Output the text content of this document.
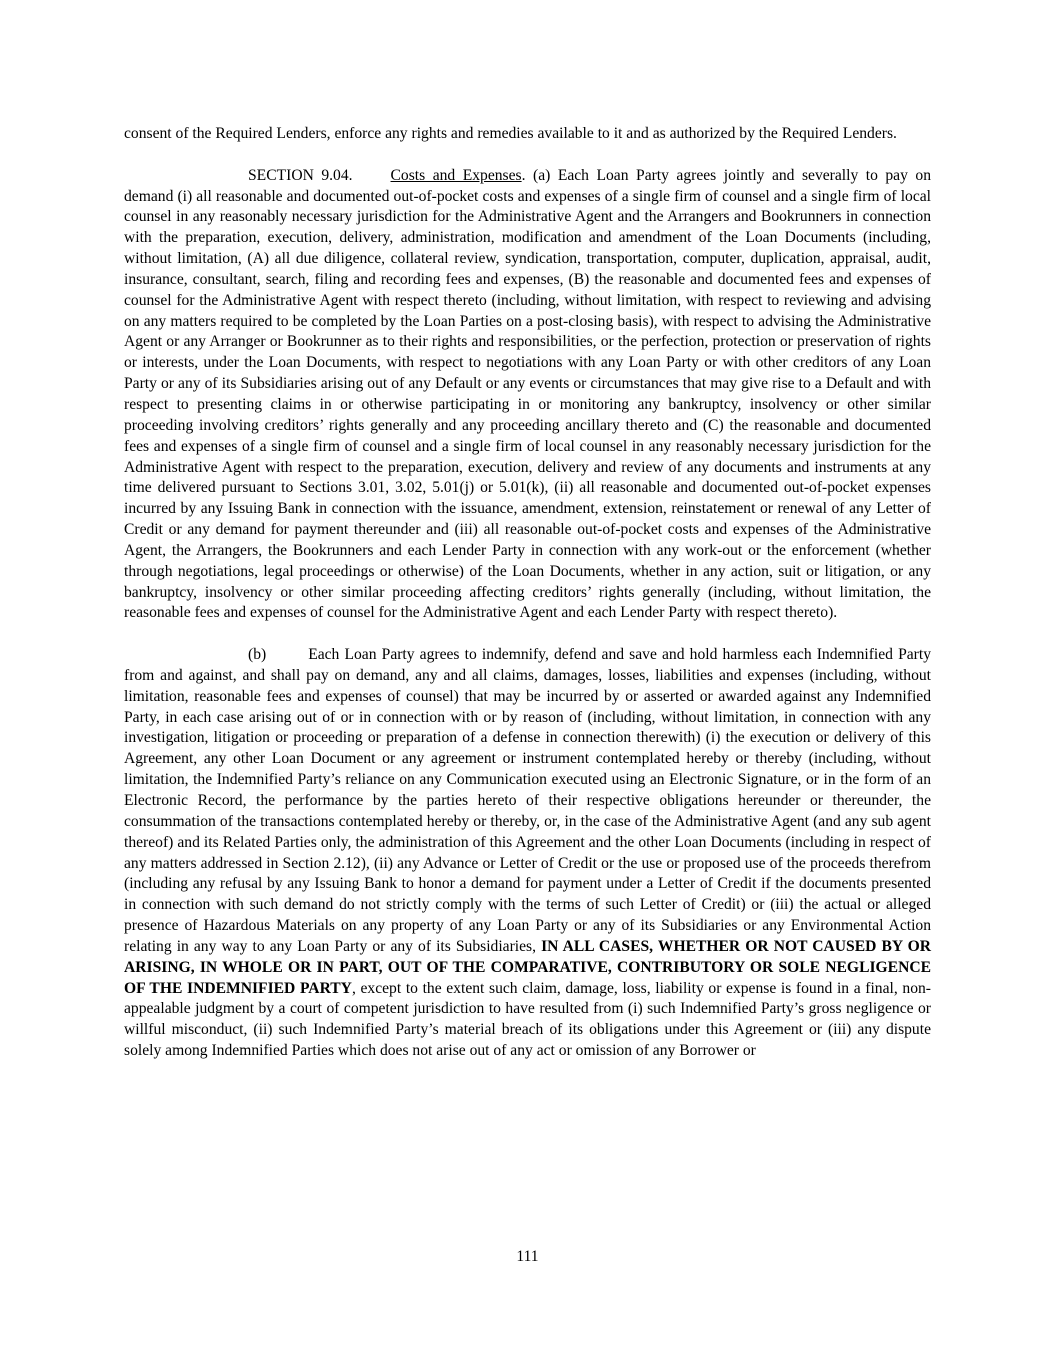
consent of the Required Lenders, enforce any rights and remedies available to it and as authorized by the Required Lenders.

SECTION 9.04. Costs and Expenses. (a) Each Loan Party agrees jointly and severally to pay on demand (i) all reasonable and documented out-of-pocket costs and expenses of a single firm of counsel and a single firm of local counsel in any reasonably necessary jurisdiction for the Administrative Agent and the Arrangers and Bookrunners in connection with the preparation, execution, delivery, administration, modification and amendment of the Loan Documents (including, without limitation, (A) all due diligence, collateral review, syndication, transportation, computer, duplication, appraisal, audit, insurance, consultant, search, filing and recording fees and expenses, (B) the reasonable and documented fees and expenses of counsel for the Administrative Agent with respect thereto (including, without limitation, with respect to reviewing and advising on any matters required to be completed by the Loan Parties on a post-closing basis), with respect to advising the Administrative Agent or any Arranger or Bookrunner as to their rights and responsibilities, or the perfection, protection or preservation of rights or interests, under the Loan Documents, with respect to negotiations with any Loan Party or with other creditors of any Loan Party or any of its Subsidiaries arising out of any Default or any events or circumstances that may give rise to a Default and with respect to presenting claims in or otherwise participating in or monitoring any bankruptcy, insolvency or other similar proceeding involving creditors’ rights generally and any proceeding ancillary thereto and (C) the reasonable and documented fees and expenses of a single firm of counsel and a single firm of local counsel in any reasonably necessary jurisdiction for the Administrative Agent with respect to the preparation, execution, delivery and review of any documents and instruments at any time delivered pursuant to Sections 3.01, 3.02, 5.01(j) or 5.01(k), (ii) all reasonable and documented out-of-pocket expenses incurred by any Issuing Bank in connection with the issuance, amendment, extension, reinstatement or renewal of any Letter of Credit or any demand for payment thereunder and (iii) all reasonable out-of-pocket costs and expenses of the Administrative Agent, the Arrangers, the Bookrunners and each Lender Party in connection with any work-out or the enforcement (whether through negotiations, legal proceedings or otherwise) of the Loan Documents, whether in any action, suit or litigation, or any bankruptcy, insolvency or other similar proceeding affecting creditors’ rights generally (including, without limitation, the reasonable fees and expenses of counsel for the Administrative Agent and each Lender Party with respect thereto).

(b)	Each Loan Party agrees to indemnify, defend and save and hold harmless each Indemnified Party from and against, and shall pay on demand, any and all claims, damages, losses, liabilities and expenses (including, without limitation, reasonable fees and expenses of counsel) that may be incurred by or asserted or awarded against any Indemnified Party, in each case arising out of or in connection with or by reason of (including, without limitation, in connection with any investigation, litigation or proceeding or preparation of a defense in connection therewith) (i) the execution or delivery of this Agreement, any other Loan Document or any agreement or instrument contemplated hereby or thereby (including, without limitation, the Indemnified Party’s reliance on any Communication executed using an Electronic Signature, or in the form of an Electronic Record, the performance by the parties hereto of their respective obligations hereunder or thereunder, the consummation of the transactions contemplated hereby or thereby, or, in the case of the Administrative Agent (and any sub agent thereof) and its Related Parties only, the administration of this Agreement and the other Loan Documents (including in respect of any matters addressed in Section 2.12), (ii) any Advance or Letter of Credit or the use or proposed use of the proceeds therefrom (including any refusal by any Issuing Bank to honor a demand for payment under a Letter of Credit if the documents presented in connection with such demand do not strictly comply with the terms of such Letter of Credit) or (iii) the actual or alleged presence of Hazardous Materials on any property of any Loan Party or any of its Subsidiaries or any Environmental Action relating in any way to any Loan Party or any of its Subsidiaries, IN ALL CASES, WHETHER OR NOT CAUSED BY OR ARISING, IN WHOLE OR IN PART, OUT OF THE COMPARATIVE, CONTRIBUTORY OR SOLE NEGLIGENCE OF THE INDEMNIFIED PARTY, except to the extent such claim, damage, loss, liability or expense is found in a final, non-appealable judgment by a court of competent jurisdiction to have resulted from (i) such Indemnified Party’s gross negligence or willful misconduct, (ii) such Indemnified Party’s material breach of its obligations under this Agreement or (iii) any dispute solely among Indemnified Parties which does not arise out of any act or omission of any Borrower or

111
